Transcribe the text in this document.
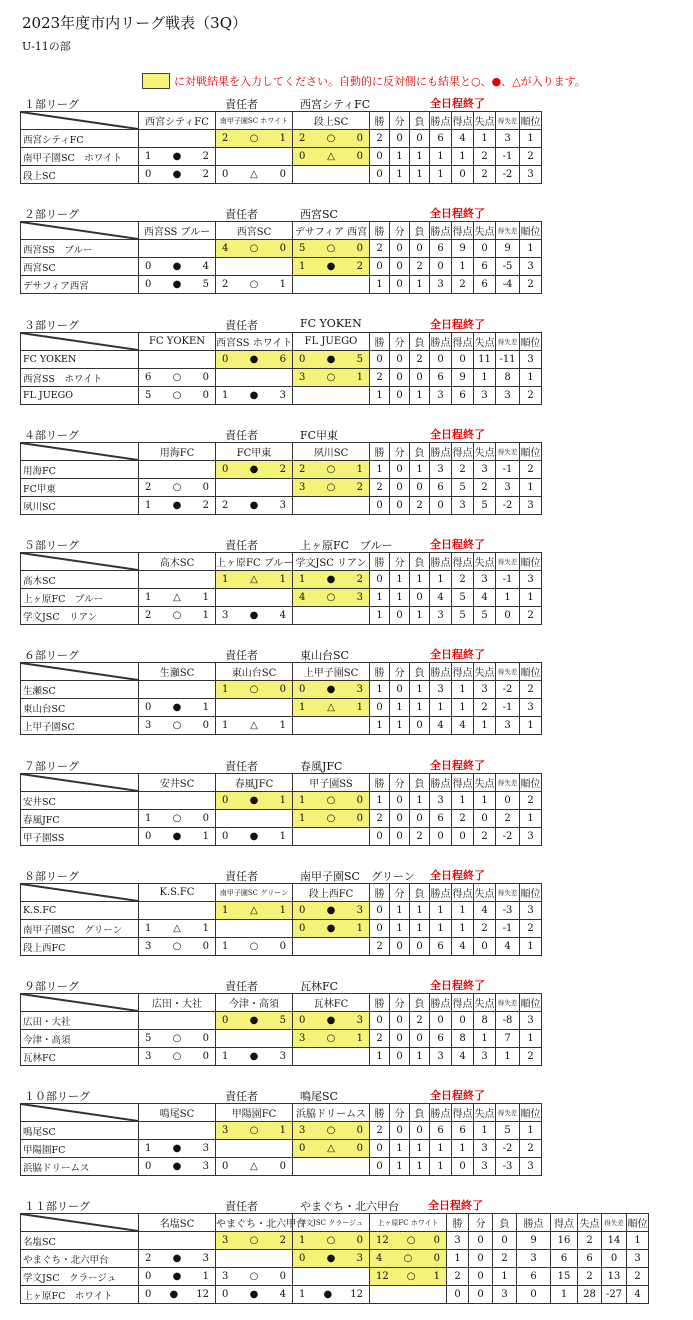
2023年度市内リーグ戦表（3Q）
U-11の部
に対戦結果を入力してください。自動的に反対側にも結果と○、●、△が入ります。
１部リーグ	責任者	西宮シティFC	全日程終了
	西宮シティFC	南甲子園SC ホワイト	段上SC	勝	分	負	勝点	得点	失点	得失差	順位
西宮シティFC		2 ○ 1	2 ○ 0	2	0	0	6	4	1	3	1
南甲子園SC　ホワイト	1 ● 2		0 △ 0	0	1	1	1	1	2	-1	2
段上SC	0 ● 2	0 △ 0		0	1	1	1	0	2	-2	3
２部リーグ	責任者	西宮SC	全日程終了
	西宮SS ブルー	西宮SC	デサフィア 西宮	勝	分	負	勝点	得点	失点	得失差	順位
西宮SS　ブルー		4 ○ 0	5 ○ 0	2	0	0	6	9	0	9	1
西宮SC	0 ● 4		1 ● 2	0	0	2	0	1	6	-5	3
デサフィア西宮	0 ● 5	2 ○ 1		1	0	1	3	2	6	-4	2
３部リーグ	責任者	FC YOKEN	全日程終了
	FC YOKEN	西宮SS ホワイト	FL JUEGO	勝	分	負	勝点	得点	失点	得失差	順位
FC YOKEN		0 ● 6	0 ● 5	0	0	2	0	0	11	-11	3
西宮SS　ホワイト	6 ○ 0		3 ○ 1	2	0	0	6	9	1	8	1
FL JUEGO	5 ○ 0	1 ● 3		1	0	1	3	6	3	3	2
４部リーグ	責任者	FC甲東	全日程終了
	用海FC	FC甲東	夙川SC	勝	分	負	勝点	得点	失点	得失差	順位
用海FC		0 ● 2	2 ○ 1	1	0	1	3	2	3	-1	2
FC甲東	2 ○ 0		3 ○ 2	2	0	0	6	5	2	3	1
夙川SC	1 ● 2	2 ● 3		0	0	2	0	3	5	-2	3
５部リーグ	責任者	上ヶ原FC　ブルー	全日程終了
	高木SC	上ヶ原FC ブルー	学文JSC リアン	勝	分	負	勝点	得点	失点	得失差	順位
高木SC		1 △ 1	1 ● 2	0	1	1	1	2	3	-1	3
上ヶ原FC　ブルー	1 △ 1		4 ○ 3	1	1	0	4	5	4	1	1
学文JSC　リアン	2 ○ 1	3 ● 4		1	0	1	3	5	5	0	2
６部リーグ	責任者	東山台SC	全日程終了
	生瀬SC	東山台SC	上甲子園SC	勝	分	負	勝点	得点	失点	得失差	順位
生瀬SC		1 ○ 0	0 ● 3	1	0	1	3	1	3	-2	2
東山台SC	0 ● 1		1 △ 1	0	1	1	1	1	2	-1	3
上甲子園SC	3 ○ 0	1 △ 1		1	1	0	4	4	1	3	1
７部リーグ	責任者	春風JFC	全日程終了
	安井SC	春風JFC	甲子園SS	勝	分	負	勝点	得点	失点	得失差	順位
安井SC		0 ● 1	1 ○ 0	1	0	1	3	1	1	0	2
春風JFC	1 ○ 0		1 ○ 0	2	0	0	6	2	0	2	1
甲子園SS	0 ● 1	0 ● 1		0	0	2	0	0	2	-2	3
８部リーグ	責任者	南甲子園SC　グリーン 全日程終了
	K.S.FC	南甲子園SC グリーン	段上西FC	勝	分	負	勝点	得点	失点	得失差	順位
K.S.FC		1 △ 1	0 ● 3	0	1	1	1	1	4	-3	3
南甲子園SC　グリーン	1 △ 1		0 ● 1	0	1	1	1	1	2	-1	2
段上西FC	3 ○ 0	1 ○ 0		2	0	0	6	4	0	4	1
９部リーグ	責任者	瓦林FC	全日程終了
	広田・大社	今津・高須	瓦林FC	勝	分	負	勝点	得点	失点	得失差	順位
広田・大社		0 ● 5	0 ● 3	0	0	2	0	0	8	-8	3
今津・高須	5 ○ 0		3 ○ 1	2	0	0	6	8	1	7	1
瓦林FC	3 ○ 0	1 ● 3		1	0	1	3	4	3	1	2
１０部リーグ	責任者	鳴尾SC	全日程終了
	鳴尾SC	甲陽園FC	浜脇ドリームス	勝	分	負	勝点	得点	失点	得失差	順位
鳴尾SC		3 ○ 1	3 ○ 0	2	0	0	6	6	1	5	1
甲陽園FC	1 ● 3		0 △ 0	0	1	1	1	1	3	-2	2
浜脇ドリームス	0 ● 3	0 △ 0		0	1	1	1	0	3	-3	3
１１部リーグ	責任者	やまぐち・北六甲台	全日程終了
	名塩SC	やまぐち・北六甲台	学文JSC クラージュ	上ヶ原FC ホワイト	勝	分	負	勝点	得点	失点	得失差	順位
名塩SC		3 ○ 2	1 ○ 0	12 ○ 0	3	0	0	9	16	2	14	1
やまぐち・北六甲台	2 ● 3		0 ● 3	4 ○ 0	1	0	2	3	6	6	0	3
学文JSC　クラージュ	0 ● 1	3 ○ 0		12 ○ 1	2	0	1	6	15	2	13	2
上ヶ原FC　ホワイト	0 ● 12	0 ● 4	1 ● 12		0	0	3	0	1	28	-27	4
